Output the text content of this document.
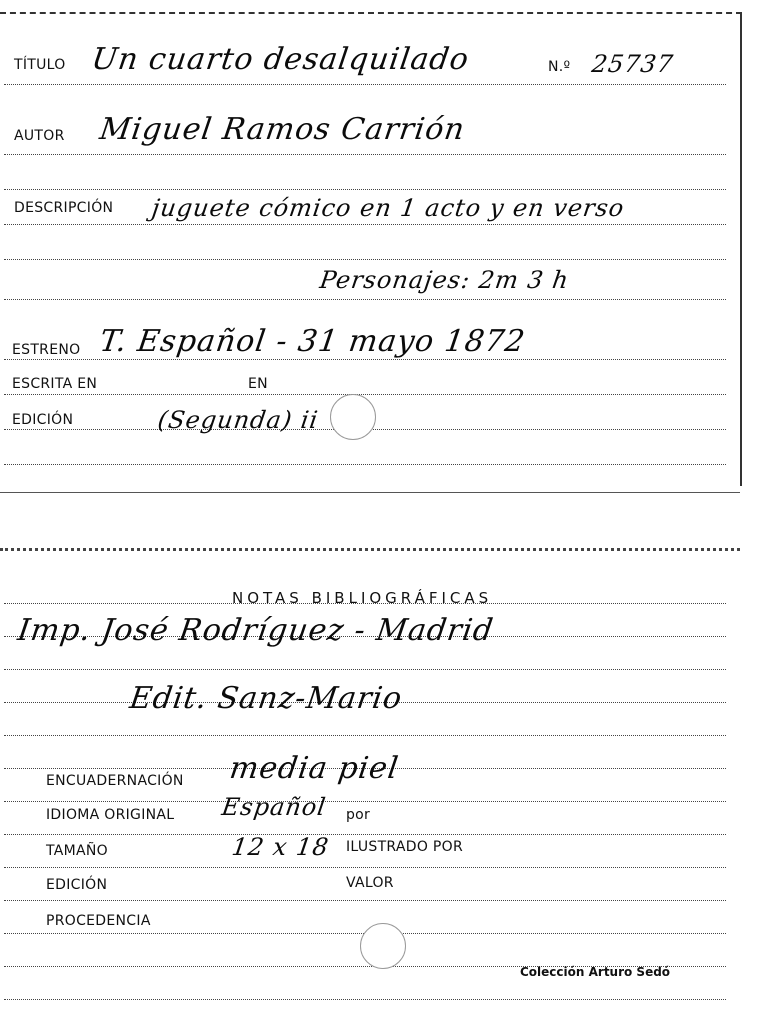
TÍTULO Un cuarto desalquilado	N.º 25737
AUTOR Miguel Ramos Carrión
DESCRIPCIÓN juguete cómico en 1 acto y en verso
Personajes: 2m 3 h
ESTRENO T. Español - 31 mayo 1872
ESCRITA EN	EN
EDICIÓN	(Segunda) ii
NOTAS BIBLIOGRÁFICAS
Imp. José Rodríguez - Madrid
Edit. Sanz-Mario
ENCUADERNACIÓN media piel
IDIOMA ORIGINAL Español por
TAMAÑO	12 x 18 ILUSTRADO POR
EDICIÓN	VALOR
PROCEDENCIA
Colección Arturo Sedó
